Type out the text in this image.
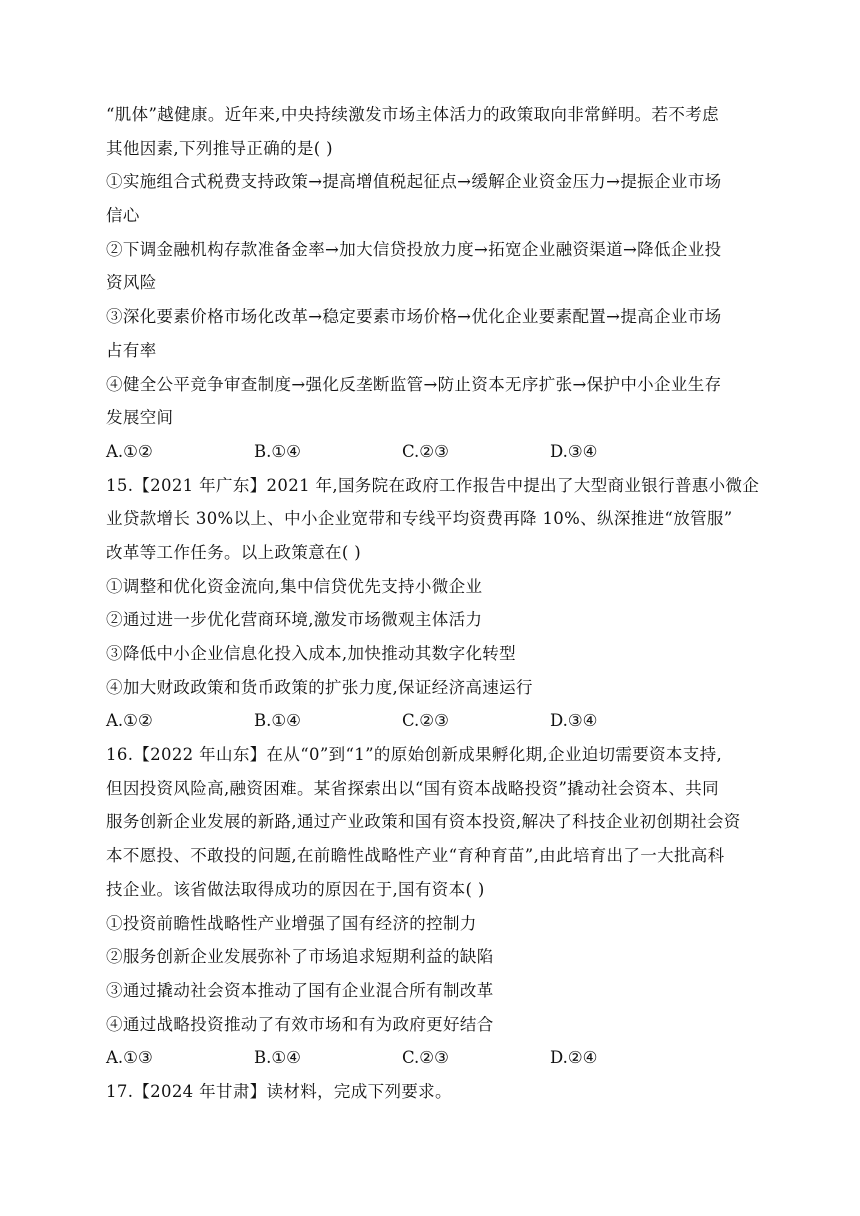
“肌体”越健康。近年来,中央持续激发市场主体活力的政策取向非常鲜明。若不考虑
其他因素,下列推导正确的是( )
①实施组合式税费支持政策→提高增值税起征点→缓解企业资金压力→提振企业市场
信心
②下调金融机构存款准备金率→加大信贷投放力度→拓宽企业融资渠道→降低企业投
资风险
③深化要素价格市场化改革→稳定要素市场价格→优化企业要素配置→提高企业市场
占有率
④健全公平竞争审查制度→强化反垄断监管→防止资本无序扩张→保护中小企业生存
发展空间
A.①②	B.①④	C.②③	D.③④
15.【2021 年广东】2021 年,国务院在政府工作报告中提出了大型商业银行普惠小微企
业贷款增长 30%以上、中小企业宽带和专线平均资费再降 10%、纵深推进“放管服”
改革等工作任务。以上政策意在( )
①调整和优化资金流向,集中信贷优先支持小微企业
②通过进一步优化营商环境,激发市场微观主体活力
③降低中小企业信息化投入成本,加快推动其数字化转型
④加大财政政策和货币政策的扩张力度,保证经济高速运行
A.①②	B.①④	C.②③	D.③④
16.【2022 年山东】在从“0”到“1”的原始创新成果孵化期,企业迫切需要资本支持,
但因投资风险高,融资困难。某省探索出以“国有资本战略投资”撬动社会资本、共同
服务创新企业发展的新路,通过产业政策和国有资本投资,解决了科技企业初创期社会资
本不愿投、不敢投的问题,在前瞻性战略性产业“育种育苗”,由此培育出了一大批高科
技企业。该省做法取得成功的原因在于,国有资本( )
①投资前瞻性战略性产业增强了国有经济的控制力
②服务创新企业发展弥补了市场追求短期利益的缺陷
③通过撬动社会资本推动了国有企业混合所有制改革
④通过战略投资推动了有效市场和有为政府更好结合
A.①③	B.①④	C.②③	D.②④
17.【2024 年甘肃】读材料，完成下列要求。
